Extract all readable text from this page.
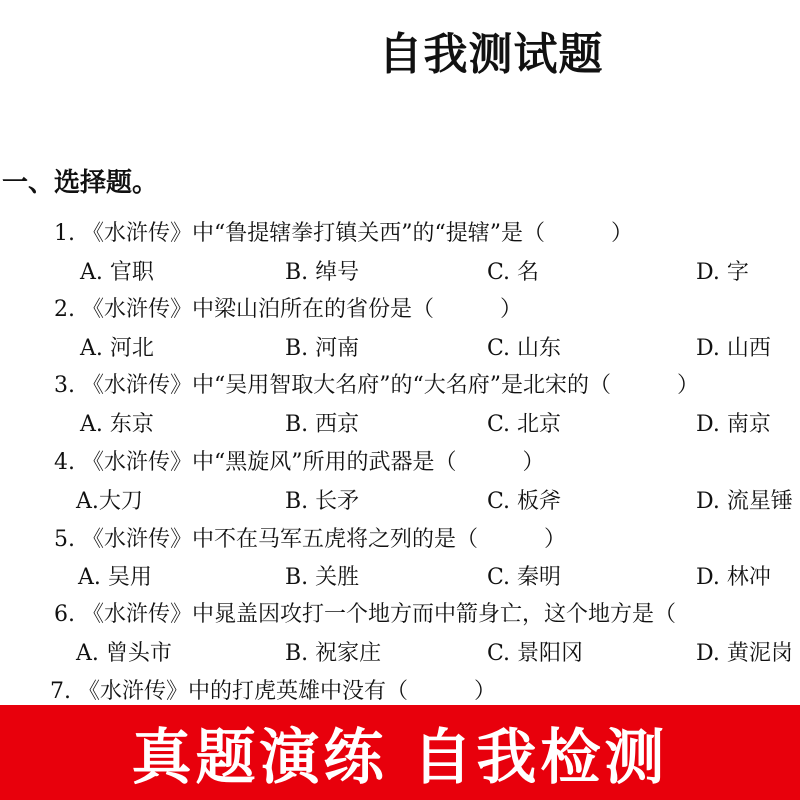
自我测试题
一、选择题。
1. 《水浒传》中“鲁提辖拳打镇关西”的“提辖”是（　　　）
A. 官职	B. 绰号	C. 名	D. 字
2. 《水浒传》中梁山泊所在的省份是（　　　）
A. 河北	B. 河南	C. 山东	D. 山西
3. 《水浒传》中“吴用智取大名府”的“大名府”是北宋的（　　　）
A. 东京	B. 西京	C. 北京	D. 南京
4. 《水浒传》中“黑旋风”所用的武器是（　　　）
A.大刀	B. 长矛	C. 板斧	D. 流星锤
5. 《水浒传》中不在马军五虎将之列的是（　　　）
A. 吴用	B. 关胜	C. 秦明	D. 林冲
6. 《水浒传》中晁盖因攻打一个地方而中箭身亡，这个地方是（
A. 曾头市	B. 祝家庄	C. 景阳冈	D. 黄泥岗
7. 《水浒传》中的打虎英雄中没有（　　　）
真题演练 自我检测
